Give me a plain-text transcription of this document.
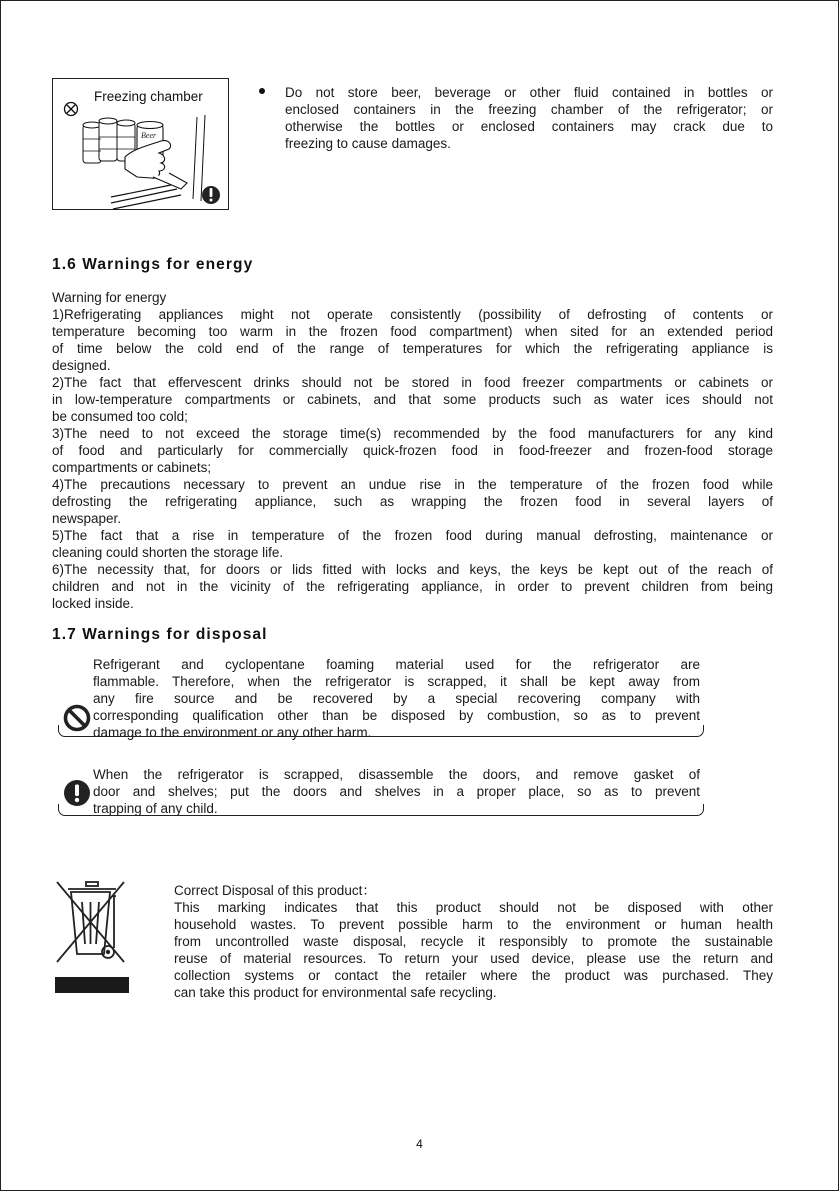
Freezing chamber
Beer

Do not store beer, beverage or other fluid contained in bottles or

enclosed containers in the freezing chamber of the refrigerator; or

otherwise the bottles or enclosed containers may crack due to

freezing to cause damages.

1.6 Warnings for energy

Warning for energy

1)Refrigerating appliances might not operate consistently (possibility of defrosting of contents or

temperature becoming too warm in the frozen food compartment) when sited for an extended period

of time below the cold end of the range of temperatures for which the refrigerating appliance is

designed.

2)The fact that effervescent drinks should not be stored in food freezer compartments or cabinets or

in low-temperature compartments or cabinets, and that some products such as water ices should not

be consumed too cold;

3)The need to not exceed the storage time(s) recommended by the food manufacturers for any kind

of food and particularly for commercially quick-frozen food in food-freezer and frozen-food storage

compartments or cabinets;

4)The precautions necessary to prevent an undue rise in the temperature of the frozen food while

defrosting the refrigerating appliance, such as wrapping the frozen food in several layers of

newspaper.

5)The fact that a rise in temperature of the frozen food during manual defrosting, maintenance or

cleaning could shorten the storage life.

6)The necessity that, for doors or lids fitted with locks and keys, the keys be kept out of the reach of

children and not in the vicinity of the refrigerating appliance, in order to prevent children from being

locked inside.

1.7 Warnings for disposal

Refrigerant and cyclopentane foaming material used for the refrigerator are

flammable. Therefore, when the refrigerator is scrapped, it shall be kept away from

any fire source and be recovered by a special recovering company with

corresponding qualification other than be disposed by combustion, so as to prevent

damage to the environment or any other harm.

When the refrigerator is scrapped, disassemble the doors, and remove gasket of

door and shelves; put the doors and shelves in a proper place, so as to prevent

trapping of any child.

Correct Disposal of this product：

This marking indicates that this product should not be disposed with other

household wastes. To prevent possible harm to the environment or human health

from uncontrolled waste disposal, recycle it responsibly to promote the sustainable

reuse of material resources. To return your used device, please use the return and

collection systems or contact the retailer where the product was purchased. They

can take this product for environmental safe recycling.

4
